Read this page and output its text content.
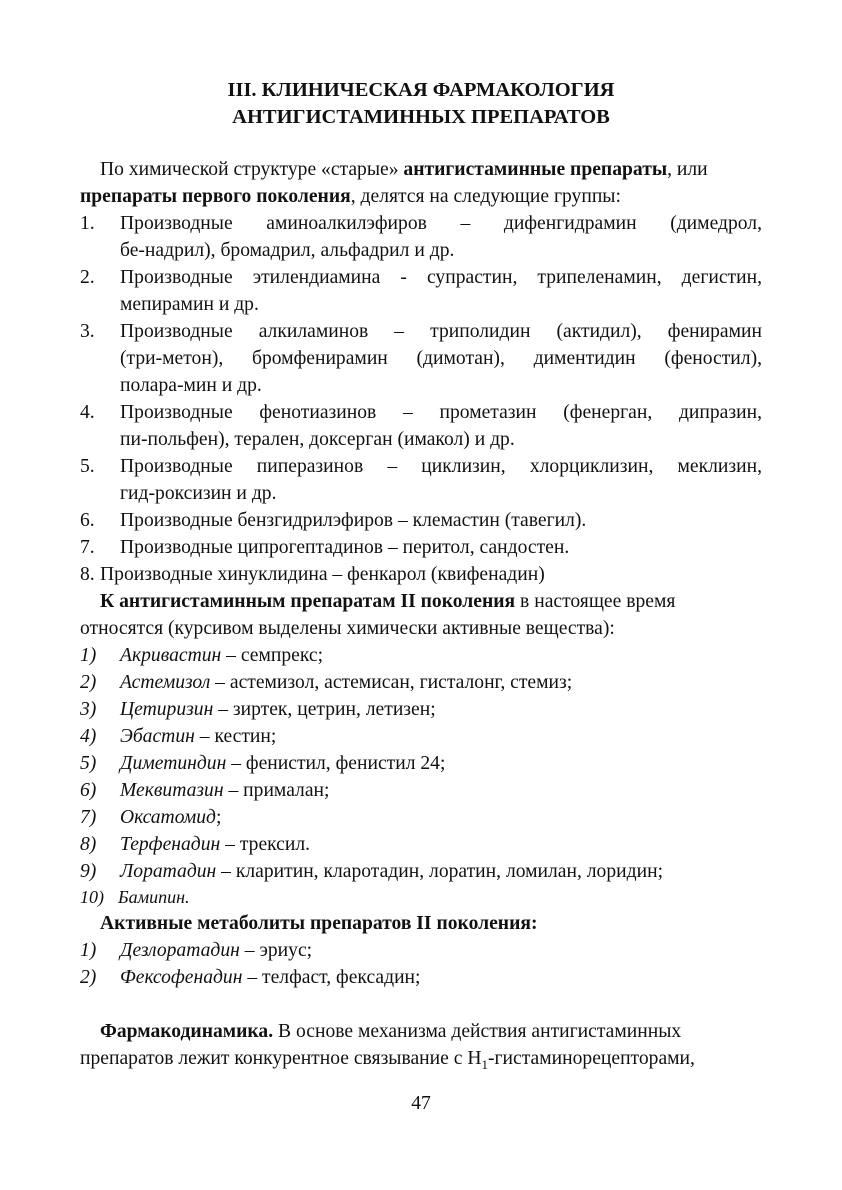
III. КЛИНИЧЕСКАЯ ФАРМАКОЛОГИЯ
АНТИГИСТАМИННЫХ ПРЕПАРАТОВ
По химической структуре «старые» антигистаминные препараты, или
препараты первого поколения, делятся на следующие группы:
1. Производные аминоалкилэфиров – дифенгидрамин (димедрол,
бе-надрил), бромадрил, альфадрил и др.
2. Производные этилендиамина - супрастин, трипеленамин, дегистин,
мепирамин и др.
3. Производные алкиламинов – триполидин (актидил), фенирамин
(три-метон), бромфенирамин (димотан), диментидин (феностил),
полара-мин и др.
4. Производные фенотиазинов – прометазин (фенерган, дипразин,
пи-польфен), терален, доксерган (имакол) и др.
5. Производные пиперазинов – циклизин, хлорциклизин, меклизин,
гид-роксизин и др.
6. Производные бензгидрилэфиров – клемастин (тавегил).
7. Производные ципрогептадинов – перитол, сандостен.
8. Производные хинуклидина – фенкарол (квифенадин)
К антигистаминным препаратам II поколения в настоящее время
относятся (курсивом выделены химически активные вещества):
1) Акривастин – семпрекс;
2) Астемизол – астемизол, астемисан, гисталонг, стемиз;
3) Цетиризин – зиртек, цетрин, летизен;
4) Эбастин – кестин;
5) Диметиндин – фенистил, фенистил 24;
6) Меквитазин – прималан;
7) Оксатомид;
8) Терфенадин – трексил.
9) Лоратадин – кларитин, кларотадин, лоратин, ломилан, лоридин;
10) Бамипин.
Активные метаболиты препаратов II поколения:
1) Дезлоратадин – эриус;
2) Фексофенадин – телфаст, фексадин;
Фармакодинамика. В основе механизма действия антигистаминных
препаратов лежит конкурентное связывание с $Н_1$-гистаминорецепторами,
47
